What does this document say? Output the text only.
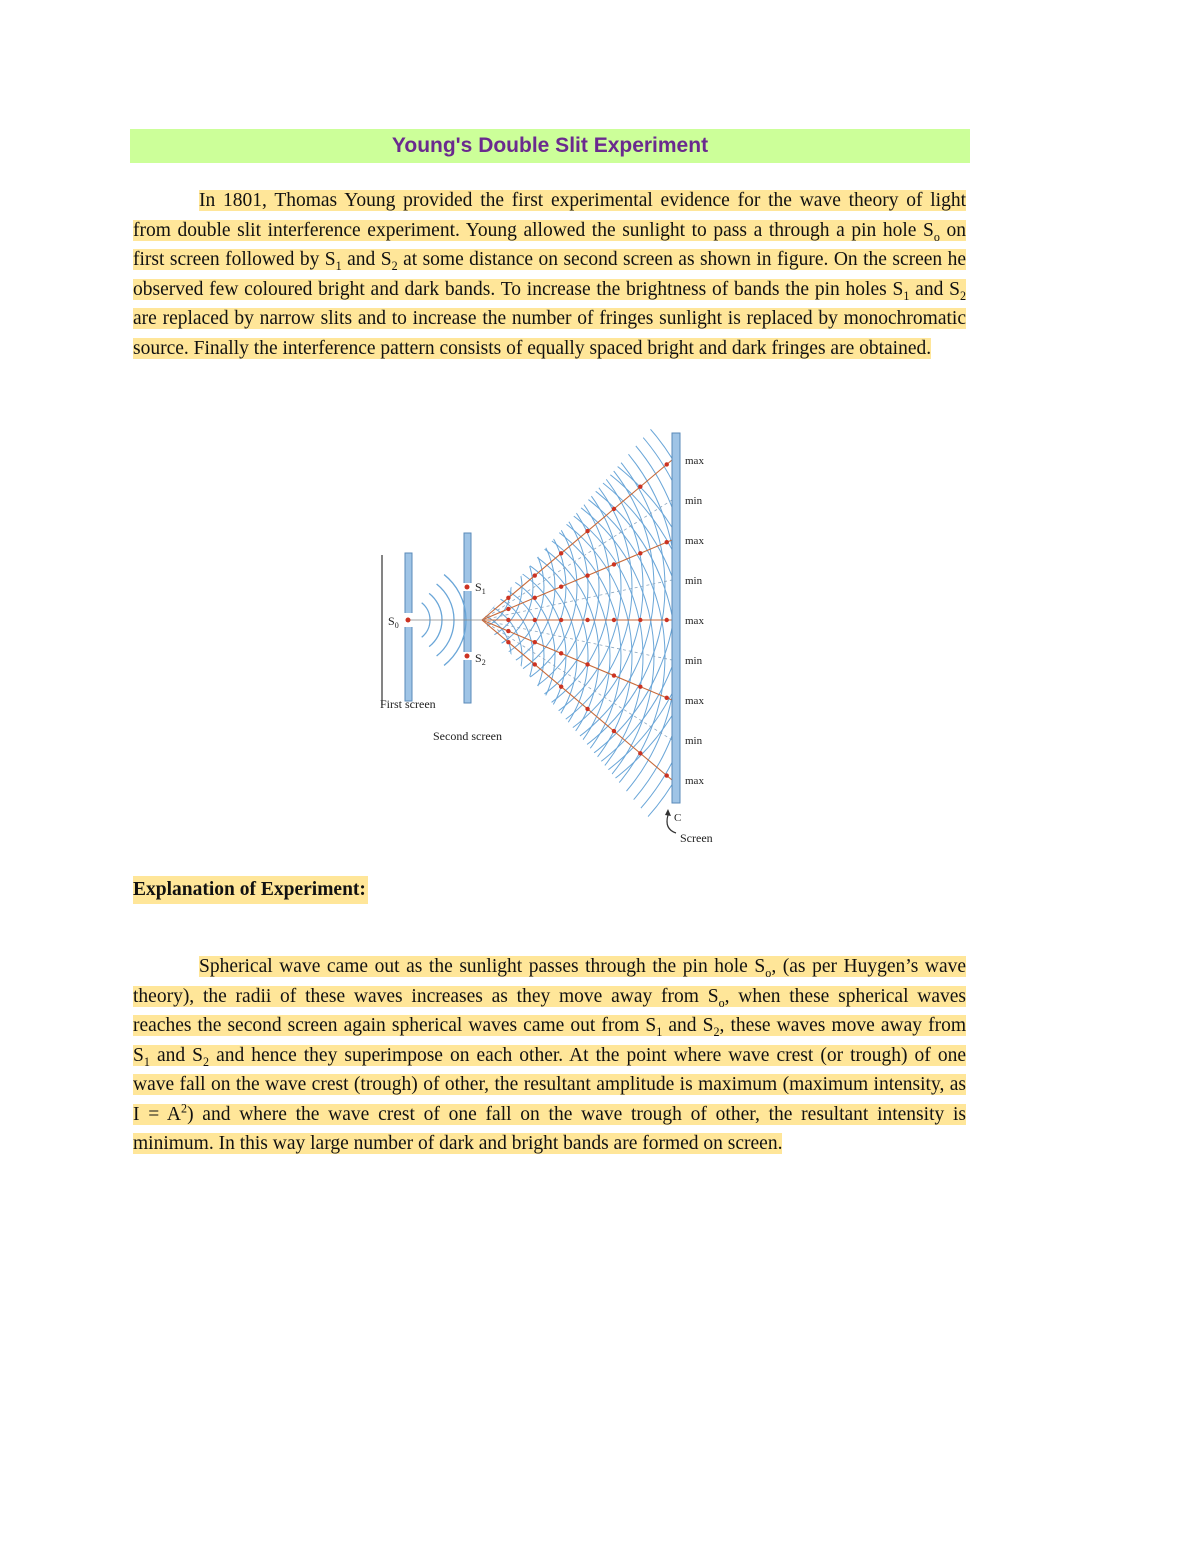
Young's Double Slit Experiment

In 1801, Thomas Young provided the first experimental evidence for the wave theory of light from double slit interference experiment. Young allowed the sunlight to pass a through a pin hole $S_o$ on first screen followed by $S_1$ and $S_2$ at some distance on second screen as shown in figure. On the screen he observed few coloured bright and dark bands. To increase the brightness of bands the pin holes $S_1$ and $S_2$ are replaced by narrow slits and to increase the number of fringes sunlight is replaced by monochromatic source. Finally the interference pattern consists of equally spaced bright and dark fringes are obtained.

$S_0$
$S_1$
$S_2$
First screen
Second screen
max
min
max
min
max
min
max
min
max
C
Screen
Explanation of Experiment:

Spherical wave came out as the sunlight passes through the pin hole $S_o$, (as per Huygen’s wave theory), the radii of these waves increases as they move away from $S_o$, when these spherical waves reaches the second screen again spherical waves came out from $S_1$ and $S_2$, these waves move away from $S_1$ and $S_2$ and hence they superimpose on each other. At the point where wave crest (or trough) of one wave fall on the wave crest (trough) of other, the resultant amplitude is maximum (maximum intensity, as $I = A^2$) and where the wave crest of one fall on the wave trough of other, the resultant intensity is minimum. In this way large number of dark and bright bands are formed on screen.
